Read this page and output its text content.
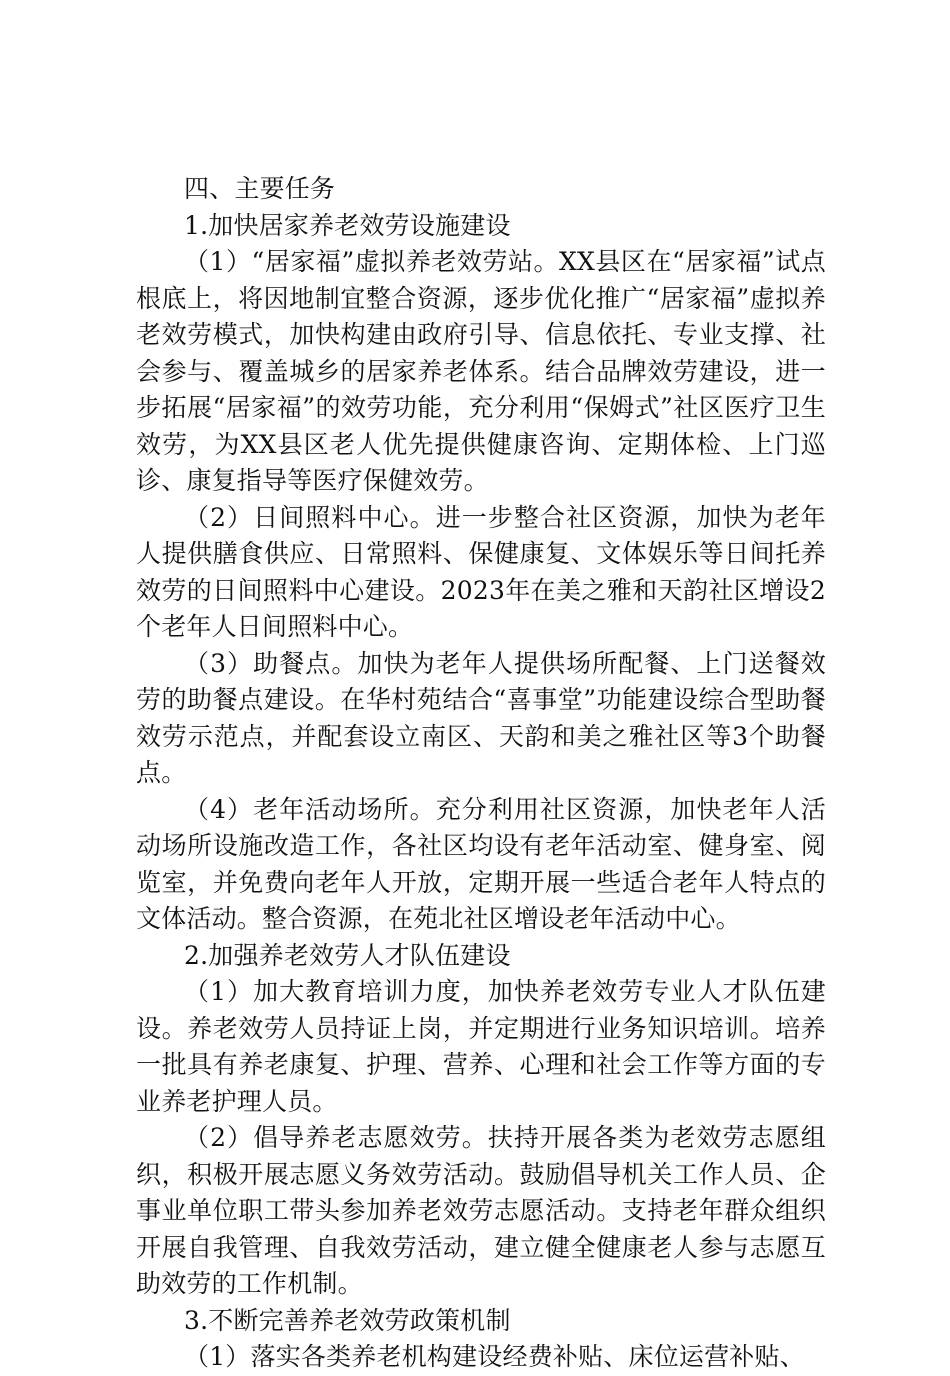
四、主要任务

1.加快居家养老效劳设施建设

（1）“居家福”虚拟养老效劳站。XX县区在“居家福”试点根底上，将因地制宜整合资源，逐步优化推广“居家福”虚拟养老效劳模式，加快构建由政府引导、信息依托、专业支撑、社会参与、覆盖城乡的居家养老体系。结合品牌效劳建设，进一步拓展“居家福”的效劳功能，充分利用“保姆式”社区医疗卫生效劳，为XX县区老人优先提供健康咨询、定期体检、上门巡诊、康复指导等医疗保健效劳。

（2）日间照料中心。进一步整合社区资源，加快为老年人提供膳食供应、日常照料、保健康复、文体娱乐等日间托养效劳的日间照料中心建设。2023年在美之雅和天韵社区增设2个老年人日间照料中心。

（3）助餐点。加快为老年人提供场所配餐、上门送餐效劳的助餐点建设。在华村苑结合“喜事堂”功能建设综合型助餐效劳示范点，并配套设立南区、天韵和美之雅社区等3个助餐点。

（4）老年活动场所。充分利用社区资源，加快老年人活动场所设施改造工作，各社区均设有老年活动室、健身室、阅览室，并免费向老年人开放，定期开展一些适合老年人特点的文体活动。整合资源，在苑北社区增设老年活动中心。

2.加强养老效劳人才队伍建设

（1）加大教育培训力度，加快养老效劳专业人才队伍建设。养老效劳人员持证上岗，并定期进行业务知识培训。培养一批具有养老康复、护理、营养、心理和社会工作等方面的专业养老护理人员。

（2）倡导养老志愿效劳。扶持开展各类为老效劳志愿组织，积极开展志愿义务效劳活动。鼓励倡导机关工作人员、企事业单位职工带头参加养老效劳志愿活动。支持老年群众组织开展自我管理、自我效劳活动，建立健全健康老人参与志愿互助效劳的工作机制。

3.不断完善养老效劳政策机制

（1）落实各类养老机构建设经费补贴、床位运营补贴、
